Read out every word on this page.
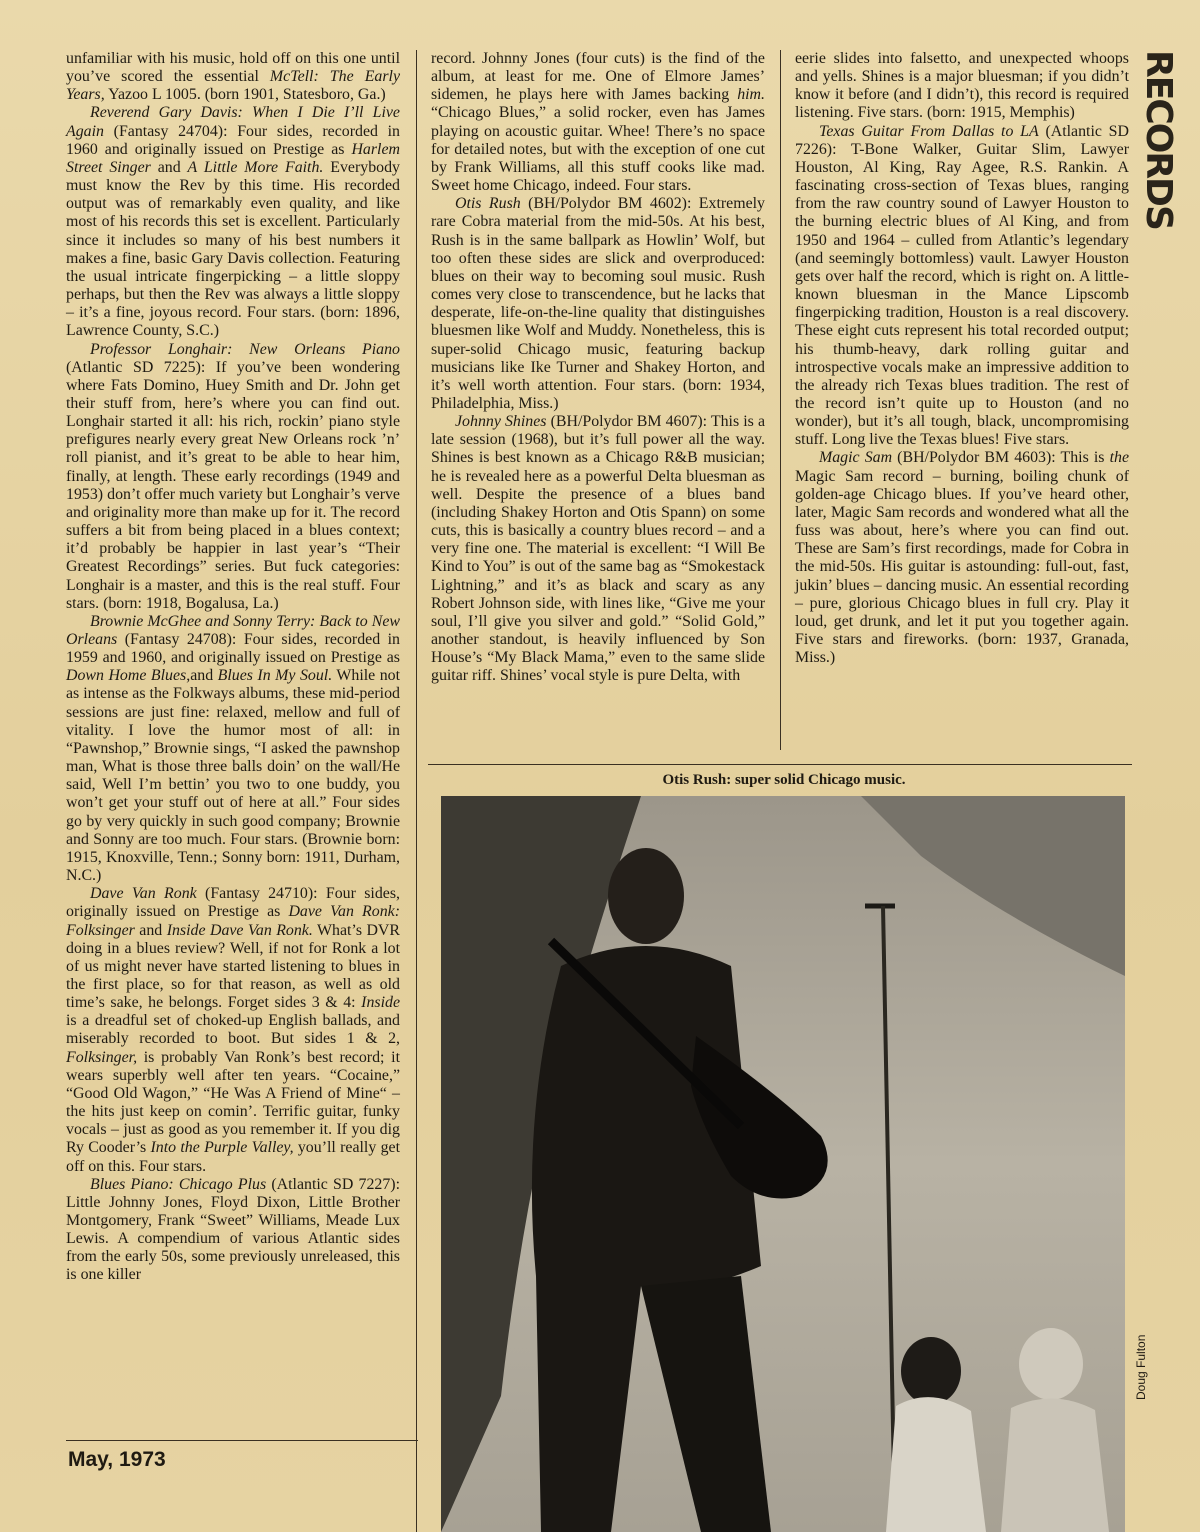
unfamiliar with his music, hold off on this one until you’ve scored the essential McTell: The Early Years, Yazoo L 1005. (born 1901, Statesboro, Ga.)

Reverend Gary Davis: When I Die I’ll Live Again (Fantasy 24704): Four sides, recorded in 1960 and originally issued on Prestige as Harlem Street Singer and A Little More Faith. Everybody must know the Rev by this time. His recorded output was of remarkably even quality, and like most of his records this set is excellent. Particularly since it includes so many of his best numbers it makes a fine, basic Gary Davis collection. Featuring the usual intricate fingerpicking – a little sloppy perhaps, but then the Rev was always a little sloppy – it’s a fine, joyous record. Four stars. (born: 1896, Lawrence County, S.C.)

Professor Longhair: New Orleans Piano (Atlantic SD 7225): If you’ve been wondering where Fats Domino, Huey Smith and Dr. John get their stuff from, here’s where you can find out. Longhair started it all: his rich, rockin’ piano style prefigures nearly every great New Orleans rock ’n’ roll pianist, and it’s great to be able to hear him, finally, at length. These early recordings (1949 and 1953) don’t offer much variety but Longhair’s verve and originality more than make up for it. The record suffers a bit from being placed in a blues context; it’d probably be happier in last year’s “Their Greatest Recordings” series. But fuck categories: Longhair is a master, and this is the real stuff. Four stars. (born: 1918, Bogalusa, La.)

Brownie McGhee and Sonny Terry: Back to New Orleans (Fantasy 24708): Four sides, recorded in 1959 and 1960, and originally issued on Prestige as Down Home Blues,and Blues In My Soul. While not as intense as the Folkways albums, these mid-period sessions are just fine: relaxed, mellow and full of vitality. I love the humor most of all: in “Pawnshop,” Brownie sings, “I asked the pawnshop man, What is those three balls doin’ on the wall/He said, Well I’m bettin’ you two to one buddy, you won’t get your stuff out of here at all.” Four sides go by very quickly in such good company; Brownie and Sonny are too much. Four stars. (Brownie born: 1915, Knoxville, Tenn.; Sonny born: 1911, Durham, N.C.)

Dave Van Ronk (Fantasy 24710): Four sides, originally issued on Prestige as Dave Van Ronk: Folksinger and Inside Dave Van Ronk. What’s DVR doing in a blues review? Well, if not for Ronk a lot of us might never have started listening to blues in the first place, so for that reason, as well as old time’s sake, he belongs. Forget sides 3 & 4: Inside is a dreadful set of choked-up English ballads, and miserably recorded to boot. But sides 1 & 2, Folksinger, is probably Van Ronk’s best record; it wears superbly well after ten years. “Cocaine,” “Good Old Wagon,” “He Was A Friend of Mine“ – the hits just keep on comin’. Terrific guitar, funky vocals – just as good as you remember it. If you dig Ry Cooder’s Into the Purple Valley, you’ll really get off on this. Four stars.

Blues Piano: Chicago Plus (Atlantic SD 7227): Little Johnny Jones, Floyd Dixon, Little Brother Montgomery, Frank “Sweet” Williams, Meade Lux Lewis. A compendium of various Atlantic sides from the early 50s, some previously unreleased, this is one killer

record. Johnny Jones (four cuts) is the find of the album, at least for me. One of Elmore James’ sidemen, he plays here with James backing him. “Chicago Blues,” a solid rocker, even has James playing on acoustic guitar. Whee! There’s no space for detailed notes, but with the exception of one cut by Frank Williams, all this stuff cooks like mad. Sweet home Chicago, indeed. Four stars.

Otis Rush (BH/Polydor BM 4602): Extremely rare Cobra material from the mid-50s. At his best, Rush is in the same ballpark as Howlin’ Wolf, but too often these sides are slick and overproduced: blues on their way to becoming soul music. Rush comes very close to transcendence, but he lacks that desperate, life-on-the-line quality that distinguishes bluesmen like Wolf and Muddy. Nonetheless, this is super-solid Chicago music, featuring backup musicians like Ike Turner and Shakey Horton, and it’s well worth attention. Four stars. (born: 1934, Philadelphia, Miss.)

Johnny Shines (BH/Polydor BM 4607): This is a late session (1968), but it’s full power all the way. Shines is best known as a Chicago R&B musician; he is revealed here as a powerful Delta bluesman as well. Despite the presence of a blues band (including Shakey Horton and Otis Spann) on some cuts, this is basically a country blues record – and a very fine one. The material is excellent: “I Will Be Kind to You” is out of the same bag as “Smokestack Lightning,” and it’s as black and scary as any Robert Johnson side, with lines like, “Give me your soul, I’ll give you silver and gold.” “Solid Gold,” another standout, is heavily influenced by Son House’s “My Black Mama,” even to the same slide guitar riff. Shines’ vocal style is pure Delta, with

eerie slides into falsetto, and unexpected whoops and yells. Shines is a major bluesman; if you didn’t know it before (and I didn’t), this record is required listening. Five stars. (born: 1915, Memphis)

Texas Guitar From Dallas to LA (Atlantic SD 7226): T-Bone Walker, Guitar Slim, Lawyer Houston, Al King, Ray Agee, R.S. Rankin. A fascinating cross-section of Texas blues, ranging from the raw country sound of Lawyer Houston to the burning electric blues of Al King, and from 1950 and 1964 – culled from Atlantic’s legendary (and seemingly bottomless) vault. Lawyer Houston gets over half the record, which is right on. A little-known bluesman in the Mance Lipscomb fingerpicking tradition, Houston is a real discovery. These eight cuts represent his total recorded output; his thumb-heavy, dark rolling guitar and introspective vocals make an impressive addition to the already rich Texas blues tradition. The rest of the record isn’t quite up to Houston (and no wonder), but it’s all tough, black, uncompromising stuff. Long live the Texas blues! Five stars.

Magic Sam (BH/Polydor BM 4603): This is the Magic Sam record – burning, boiling chunk of golden-age Chicago blues. If you’ve heard other, later, Magic Sam records and wondered what all the fuss was about, here’s where you can find out. These are Sam’s first recordings, made for Cobra in the mid-50s. His guitar is astounding: full-out, fast, jukin’ blues – dancing music. An essential recording – pure, glorious Chicago blues in full cry. Play it loud, get drunk, and let it put you together again. Five stars and fireworks. (born: 1937, Granada, Miss.)

RECORDS
Otis Rush: super solid Chicago music.
Doug Fulton
May, 1973
